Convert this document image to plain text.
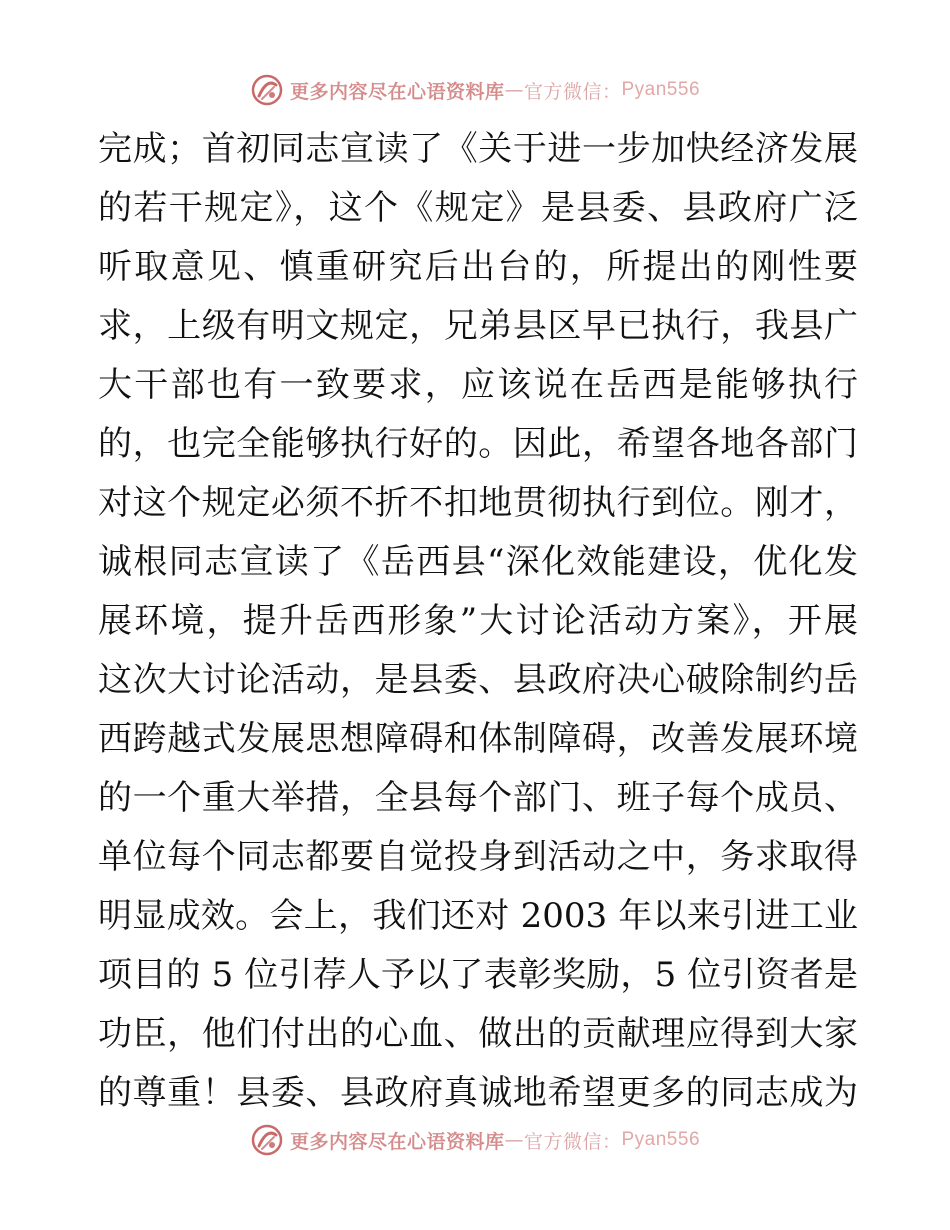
更多内容尽在心语资料库 — 官方微信： Pyan556
完成；首初同志宣读了《关于进一步加快经济发展
的若干规定》，这个《规定》是县委、县政府广泛
听取意见、慎重研究后出台的，所提出的刚性要
求，上级有明文规定，兄弟县区早已执行，我县广
大干部也有一致要求，应该说在岳西是能够执行
的，也完全能够执行好的。因此，希望各地各部门
对这个规定必须不折不扣地贯彻执行到位。刚才，
诚根同志宣读了《岳西县“深化效能建设，优化发
展环境，提升岳西形象”大讨论活动方案》，开展
这次大讨论活动，是县委、县政府决心破除制约岳
西跨越式发展思想障碍和体制障碍，改善发展环境
的一个重大举措，全县每个部门、班子每个成员、
单位每个同志都要自觉投身到活动之中，务求取得
明显成效。会上，我们还对 2003 年以来引进工业
项目的 5 位引荐人予以了表彰奖励，5 位引资者是
功臣，他们付出的心血、做出的贡献理应得到大家
的尊重！县委、县政府真诚地希望更多的同志成为
更多内容尽在心语资料库 — 官方微信： Pyan556
